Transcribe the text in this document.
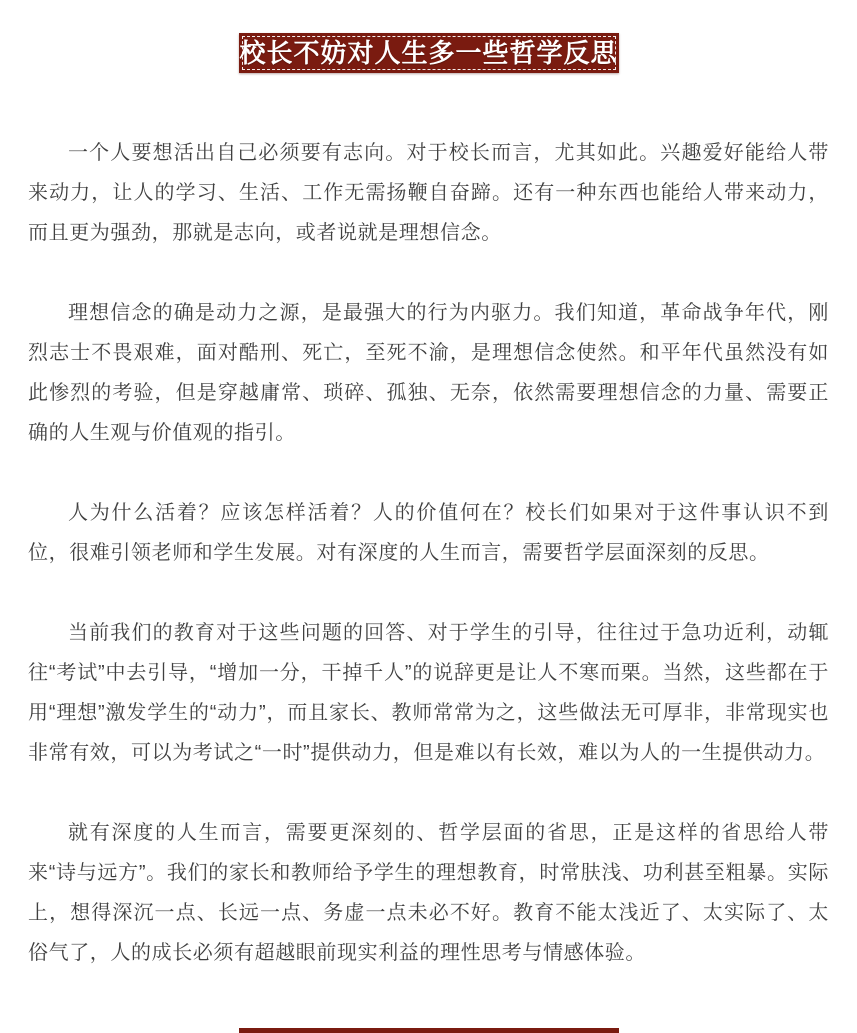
校长不妨对人生多一些哲学反思

一个人要想活出自己必须要有志向。对于校长而言，尤其如此。兴趣爱好能给人带来动力，让人的学习、生活、工作无需扬鞭自奋蹄。还有一种东西也能给人带来动力，而且更为强劲，那就是志向，或者说就是理想信念。

理想信念的确是动力之源，是最强大的行为内驱力。我们知道，革命战争年代，刚烈志士不畏艰难，面对酷刑、死亡，至死不渝，是理想信念使然。和平年代虽然没有如此惨烈的考验，但是穿越庸常、琐碎、孤独、无奈，依然需要理想信念的力量、需要正确的人生观与价值观的指引。

人为什么活着？应该怎样活着？人的价值何在？校长们如果对于这件事认识不到位，很难引领老师和学生发展。对有深度的人生而言，需要哲学层面深刻的反思。

当前我们的教育对于这些问题的回答、对于学生的引导，往往过于急功近利，动辄往“考试”中去引导，“增加一分，干掉千人”的说辞更是让人不寒而栗。当然，这些都在于用“理想”激发学生的“动力”，而且家长、教师常常为之，这些做法无可厚非，非常现实也非常有效，可以为考试之“一时”提供动力，但是难以有长效，难以为人的一生提供动力。

就有深度的人生而言，需要更深刻的、哲学层面的省思，正是这样的省思给人带来“诗与远方”。我们的家长和教师给予学生的理想教育，时常肤浅、功利甚至粗暴。实际上，想得深沉一点、长远一点、务虚一点未必不好。教育不能太浅近了、太实际了、太俗气了，人的成长必须有超越眼前现实利益的理性思考与情感体验。
